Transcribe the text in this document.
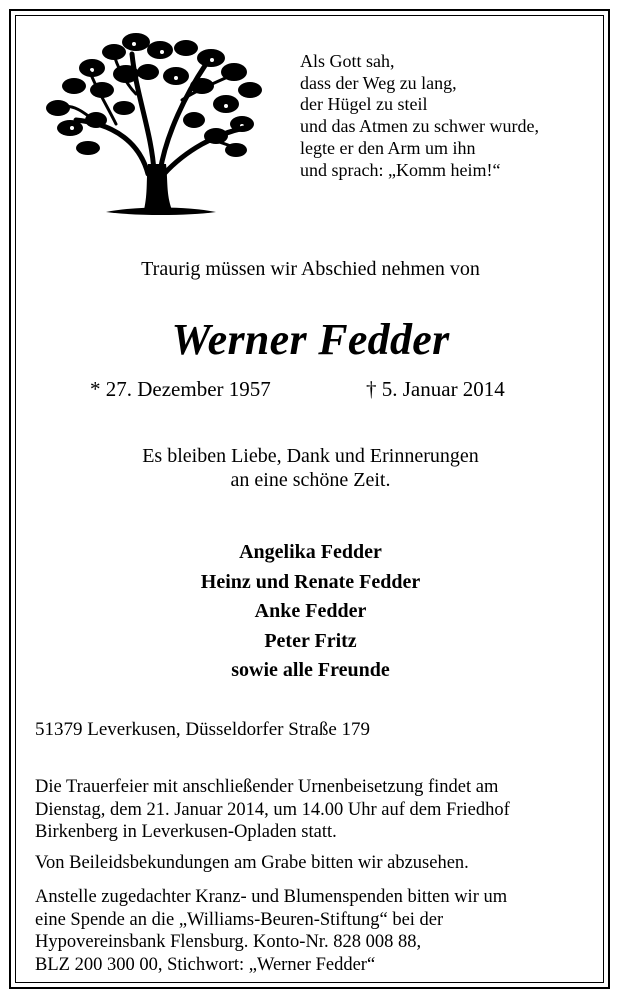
Als Gott sah,
dass der Weg zu lang,
der Hügel zu steil
und das Atmen zu schwer wurde,
legte er den Arm um ihn
und sprach: „Komm heim!“
Traurig müssen wir Abschied nehmen von
Werner Fedder
* 27. Dezember 1957	† 5. Januar 2014
Es bleiben Liebe, Dank und Erinnerungen
an eine schöne Zeit.
Angelika Fedder
Heinz und Renate Fedder
Anke Fedder
Peter Fritz
sowie alle Freunde
51379 Leverkusen, Düsseldorfer Straße 179
Die Trauerfeier mit anschließender Urnenbeisetzung findet am
Dienstag, dem 21. Januar 2014, um 14.00 Uhr auf dem Friedhof
Birkenberg in Leverkusen-Opladen statt.
Von Beileidsbekundungen am Grabe bitten wir abzusehen.
Anstelle zugedachter Kranz- und Blumenspenden bitten wir um
eine Spende an die „Williams-Beuren-Stiftung“ bei der
Hypovereinsbank Flensburg. Konto-Nr. 828 008 88,
BLZ 200 300 00, Stichwort: „Werner Fedder“
